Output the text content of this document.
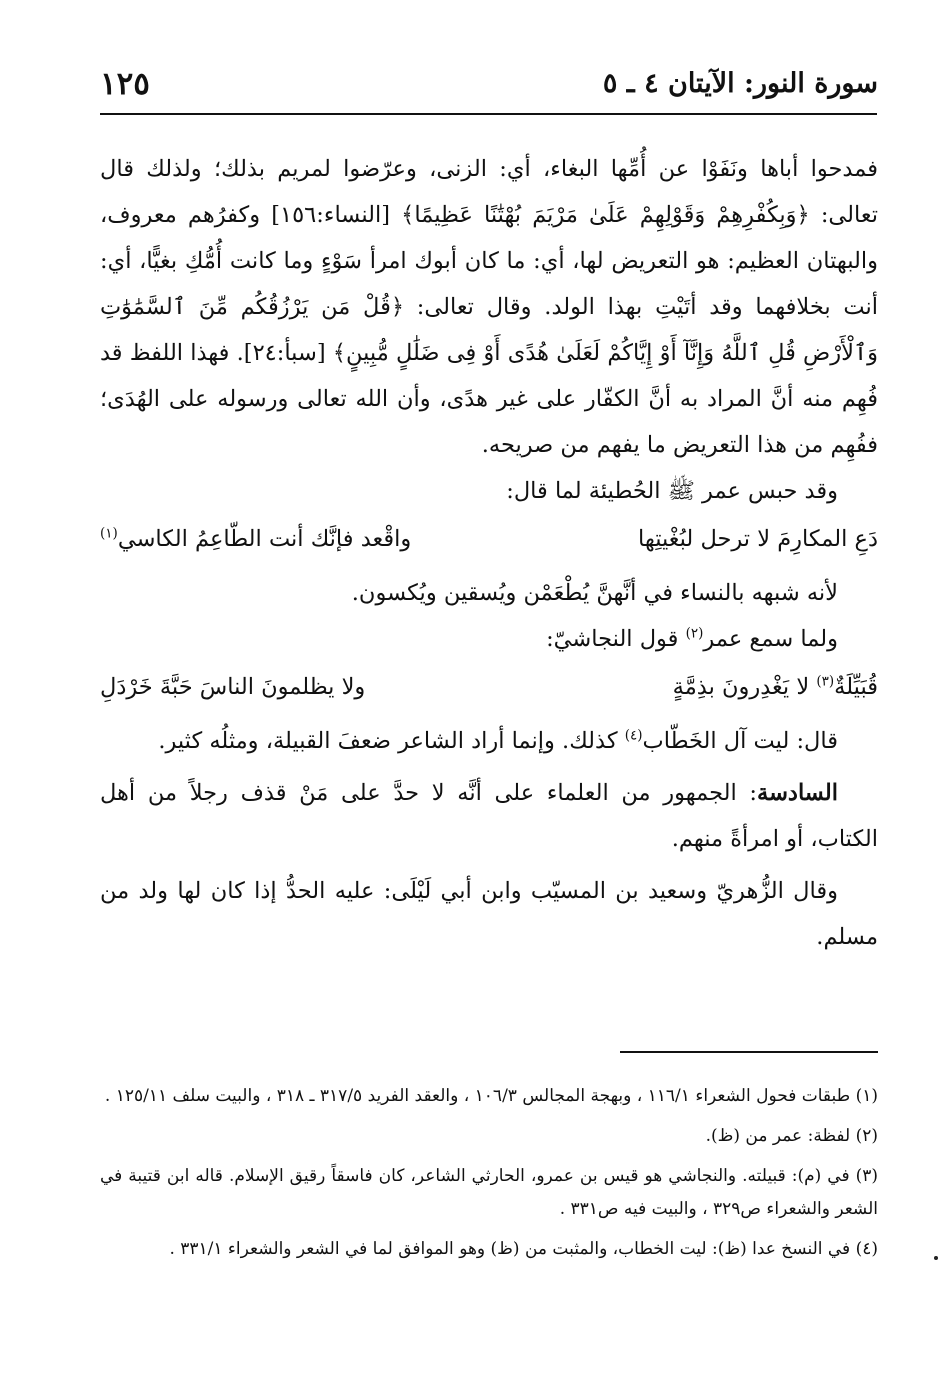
سورة النور: الآيتان ٤ ـ ٥
١٢٥

فمدحوا أباها ونَفَوْا عن أُمِّها البغاء، أي: الزنى، وعرّضوا لمريم بذلك؛ ولذلك قال تعالى: ﴿وَبِكُفْرِهِمْ وَقَوْلِهِمْ عَلَىٰ مَرْيَمَ بُهْتَٰنًا عَظِيمًا﴾ [النساء:١٥٦] وكفرُهم معروف، والبهتان العظيم: هو التعريض لها، أي: ما كان أبوك امرأ سَوْءٍ وما كانت أُمُّكِ بغيًّا، أي: أنت بخلافهما وقد أتَيْتِ بهذا الولد. وقال تعالى: ﴿قُلْ مَن يَرْزُقُكُم مِّنَ ٱلسَّمَٰوَٰتِ وَٱلْأَرْضِ قُلِ ٱللَّهُ وَإِنَّآ أَوْ إِيَّاكُمْ لَعَلَىٰ هُدًى أَوْ فِى ضَلَٰلٍ مُّبِينٍ﴾ [سبأ:٢٤]. فهذا اللفظ قد فُهِم منه أنَّ المراد به أنَّ الكفّار على غير هدًى، وأن الله تعالى ورسوله على الهُدَى؛ ففُهِم من هذا التعريض ما يفهم من صريحه.

وقد حبس عمر ﷺ الحُطيئة لما قال:

دَعِ المكارِمَ لا ترحل لبُغْيتِها
واقْعد فإنَّك أنت الطّاعِمُ الكاسي$^{(١)}$

لأنه شبهه بالنساء في أنَّهنَّ يُطْعَمْن ويُسقين ويُكسون.

ولما سمع عمر$^{(٢)}$ قول النجاشيّ:

قُبَيِّلَةٌ$^{(٣)}$ لا يَغْدِرونَ بذِمَّةٍ
ولا يظلمونَ الناسَ حَبَّةَ خَرْدَلِ

قال: ليت آل الخَطّاب$^{(٤)}$ كذلك. وإنما أراد الشاعر ضعفَ القبيلة، ومثلُه كثير.

السادسة: الجمهور من العلماء على أنَّه لا حدَّ على مَنْ قذف رجلاً من أهل الكتاب، أو امرأةً منهم.

وقال الزُّهريّ وسعيد بن المسيّب وابن أبي لَيْلَى: عليه الحدُّ إذا كان لها ولد من مسلم.

(١) طبقات فحول الشعراء ١١٦/١ ، وبهجة المجالس ١٠٦/٣ ، والعقد الفريد ٣١٧/٥ ـ ٣١٨ ، والبيت سلف ١٢٥/١١ .

(٢) لفظة: عمر من (ظ).

(٣) في (م): قبيلته. والنجاشي هو قيس بن عمرو، الحارثي الشاعر، كان فاسقاً رقيق الإسلام. قاله ابن قتيبة في الشعر والشعراء ص٣٢٩ ، والبيت فيه ص٣٣١ .

(٤) في النسخ عدا (ظ): ليت الخطاب، والمثبت من (ظ) وهو الموافق لما في الشعر والشعراء ٣٣١/١ .
